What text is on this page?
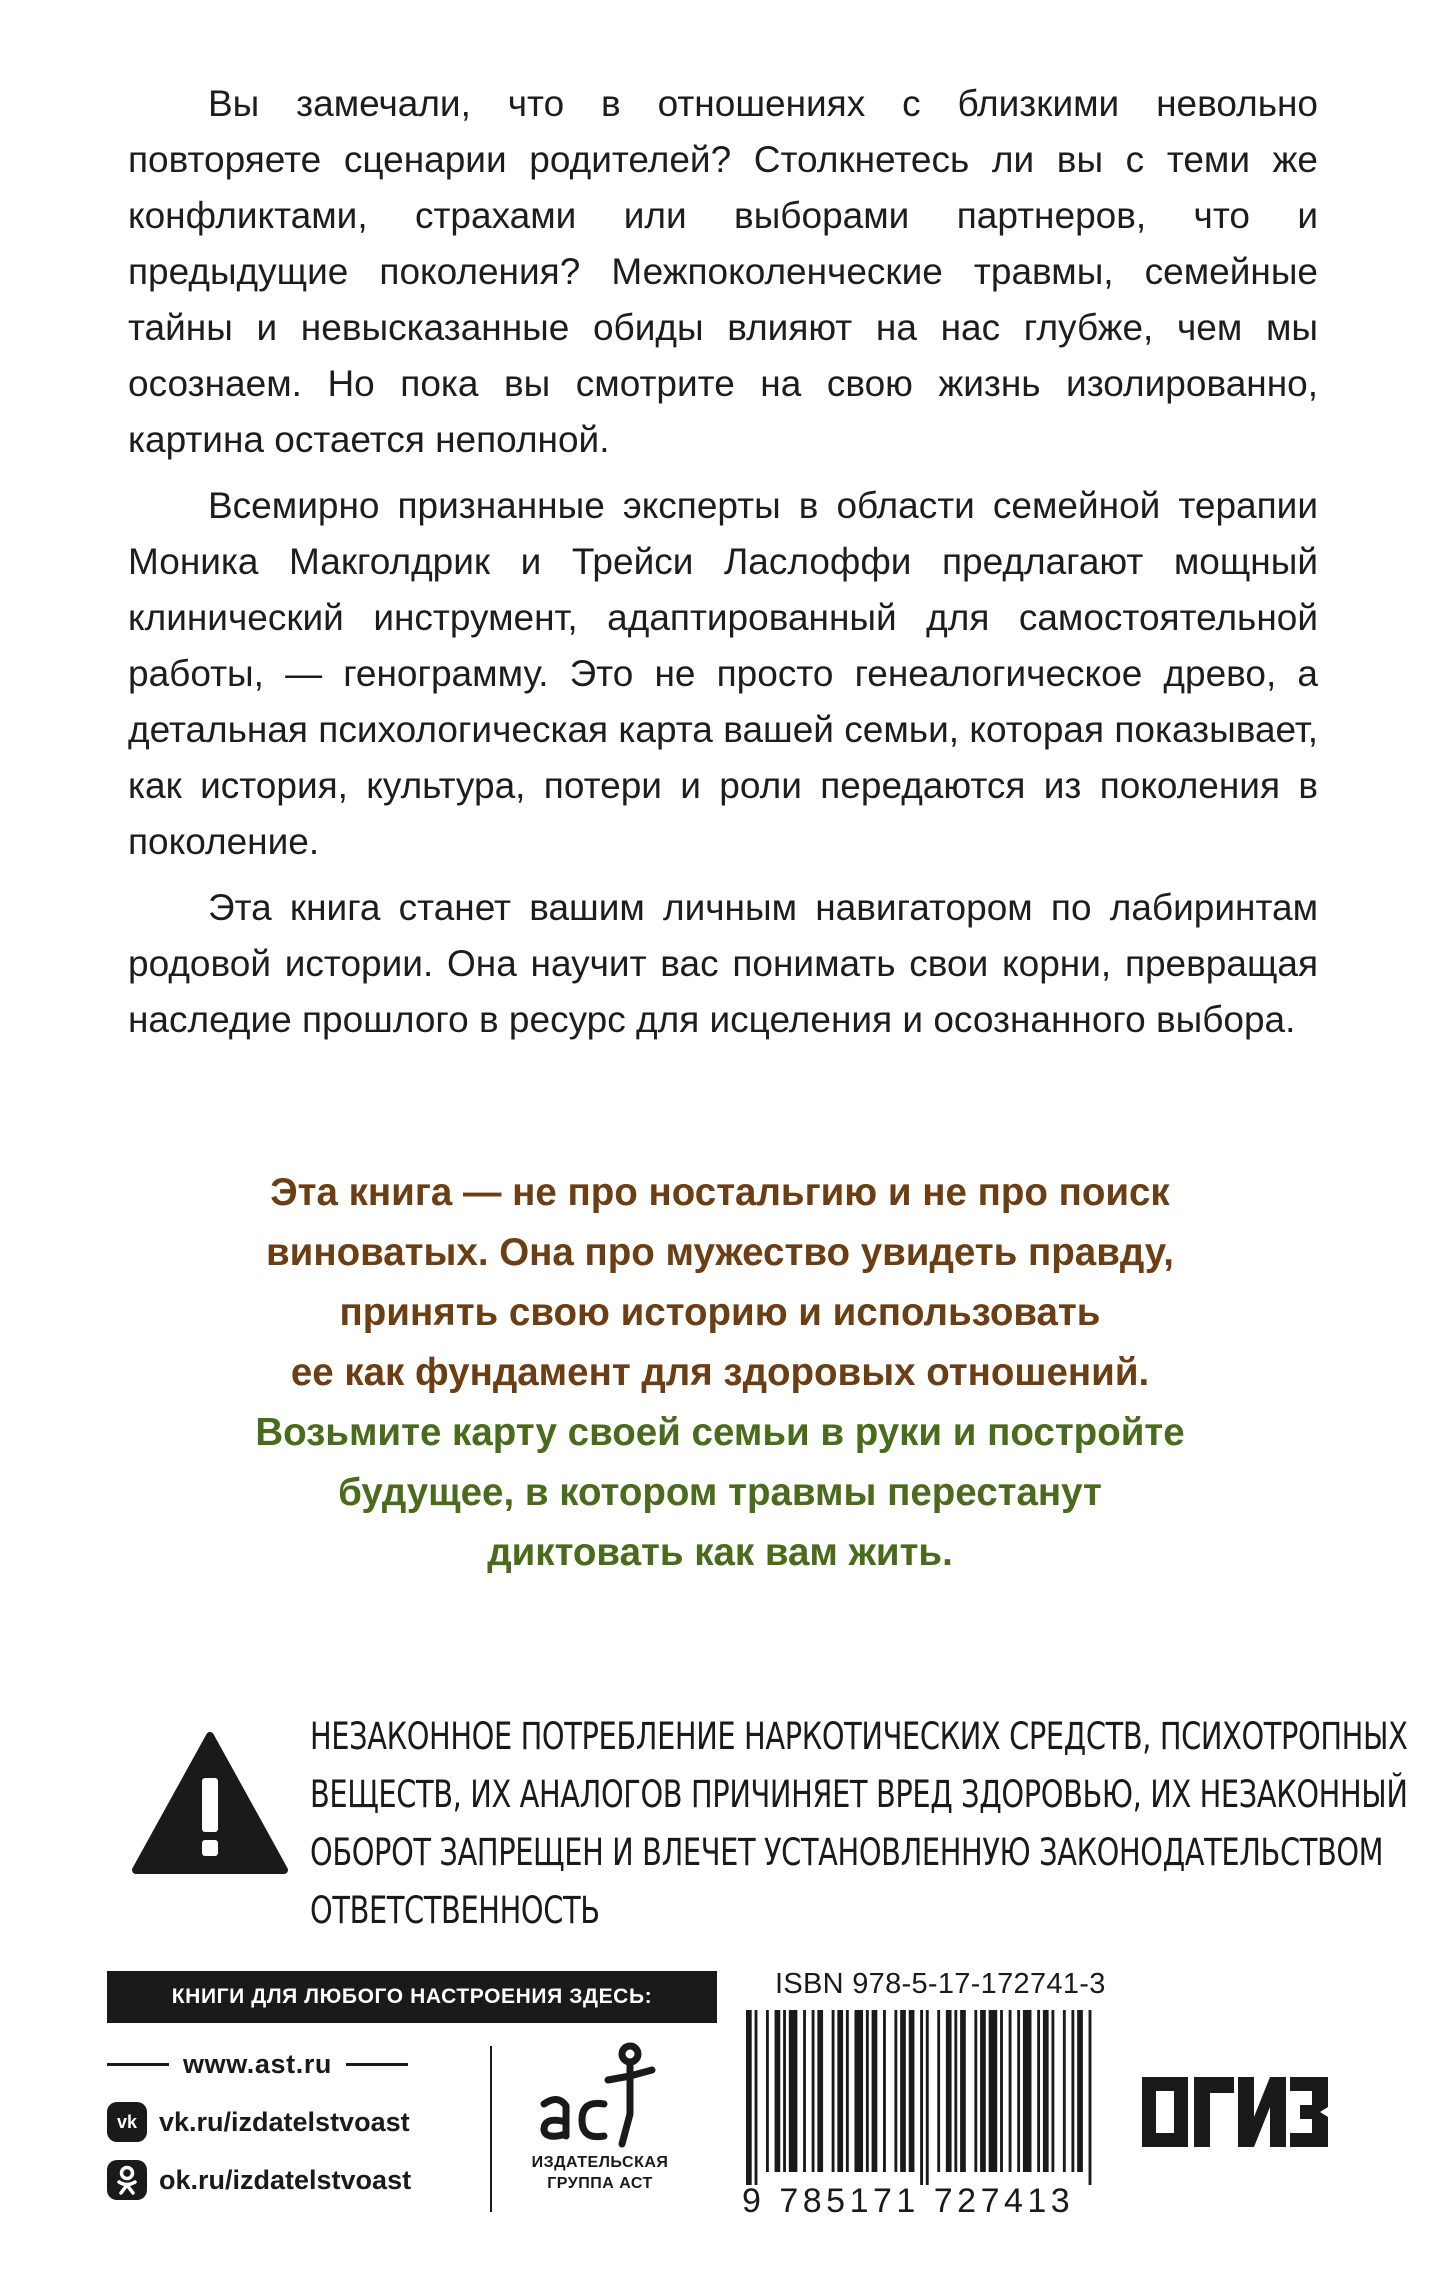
Вы замечали, что в отношениях с близкими невольно повторяете сценарии родителей? Столкнетесь ли вы с теми же конфликтами, страхами или выборами партнеров, что и предыдущие поколения? Межпоколенческие травмы, семейные тайны и невысказанные обиды влияют на нас глубже, чем мы осознаем. Но пока вы смотрите на свою жизнь изолированно, картина остается неполной.

Всемирно признанные эксперты в области семейной терапии Моника Макголдрик и Трейси Ласлоффи предлагают мощный клинический инструмент, адаптированный для самостоятельной работы, — генограмму. Это не просто генеалогическое древо, а детальная психологическая карта вашей семьи, которая показывает, как история, культура, потери и роли передаются из поколения в поколение.

Эта книга станет вашим личным навигатором по лабиринтам родовой истории. Она научит вас понимать свои корни, превращая наследие прошлого в ресурс для исцеления и осознанного выбора.

Эта книга — не про ностальгию и не про поиск
виноватых. Она про мужество увидеть правду,
принять свою историю и использовать
ее как фундамент для здоровых отношений.
Возьмите карту своей семьи в руки и постройте
будущее, в котором травмы перестанут
диктовать как вам жить.
НЕЗАКОННОЕ ПОТРЕБЛЕНИЕ НАРКОТИЧЕСКИХ СРЕДСТВ, ПСИХОТРОПНЫХ
ВЕЩЕСТВ, ИХ АНАЛОГОВ ПРИЧИНЯЕТ ВРЕД ЗДОРОВЬЮ, ИХ НЕЗАКОННЫЙ
ОБОРОТ ЗАПРЕЩЕН И ВЛЕЧЕТ УСТАНОВЛЕННУЮ ЗАКОНОДАТЕЛЬСТВОМ
ОТВЕТСТВЕННОСТЬ
КНИГИ ДЛЯ ЛЮБОГО НАСТРОЕНИЯ ЗДЕСЬ:
www.ast.ru
vk vk.ru/izdatelstvoast
ok.ru/izdatelstvoast
ИЗДАТЕЛЬСКАЯ
ГРУППА АСТ
ISBN 978-5-17-172741-3
9 785171 727413
